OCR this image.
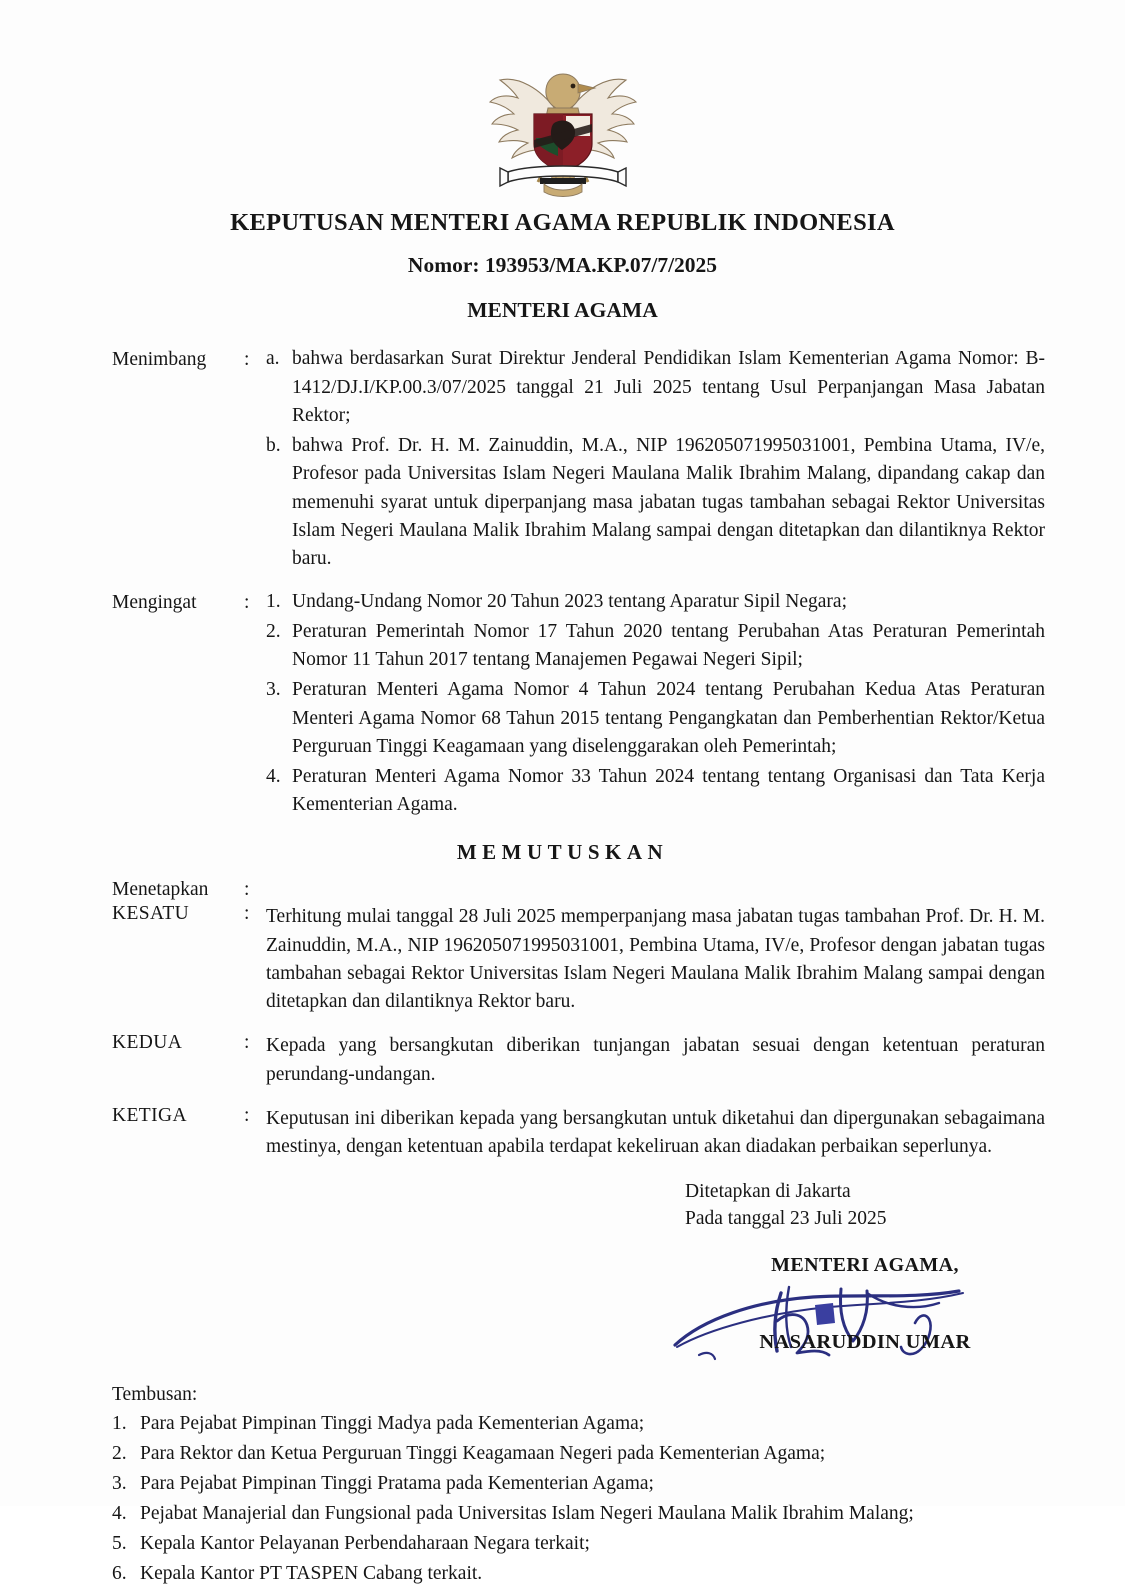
KEPUTUSAN MENTERI AGAMA REPUBLIK INDONESIA
Nomor: 193953/MA.KP.07/7/2025
MENTERI AGAMA
Menimbang	: a. bahwa berdasarkan Surat Direktur Jenderal Pendidikan Islam Kementerian Agama Nomor: B-1412/DJ.I/KP.00.3/07/2025 tanggal 21 Juli 2025 tentang Usul Perpanjangan Masa Jabatan Rektor;
b. bahwa Prof. Dr. H. M. Zainuddin, M.A., NIP 196205071995031001, Pembina Utama, IV/e, Profesor pada Universitas Islam Negeri Maulana Malik Ibrahim Malang, dipandang cakap dan memenuhi syarat untuk diperpanjang masa jabatan tugas tambahan sebagai Rektor Universitas Islam Negeri Maulana Malik Ibrahim Malang sampai dengan ditetapkan dan dilantiknya Rektor baru.
Mengingat	: 1. Undang-Undang Nomor 20 Tahun 2023 tentang Aparatur Sipil Negara;
2. Peraturan Pemerintah Nomor 17 Tahun 2020 tentang Perubahan Atas Peraturan Pemerintah Nomor 11 Tahun 2017 tentang Manajemen Pegawai Negeri Sipil;
3. Peraturan Menteri Agama Nomor 4 Tahun 2024 tentang Perubahan Kedua Atas Peraturan Menteri Agama Nomor 68 Tahun 2015 tentang Pengangkatan dan Pemberhentian Rektor/Ketua Perguruan Tinggi Keagamaan yang diselenggarakan oleh Pemerintah;
4. Peraturan Menteri Agama Nomor 33 Tahun 2024 tentang tentang Organisasi dan Tata Kerja Kementerian Agama.
MEMUTUSKAN
Menetapkan	:
KESATU	: Terhitung mulai tanggal 28 Juli 2025 memperpanjang masa jabatan tugas tambahan Prof. Dr. H. M. Zainuddin, M.A., NIP 196205071995031001, Pembina Utama, IV/e, Profesor dengan jabatan tugas tambahan sebagai Rektor Universitas Islam Negeri Maulana Malik Ibrahim Malang sampai dengan ditetapkan dan dilantiknya Rektor baru.
KEDUA	: Kepada yang bersangkutan diberikan tunjangan jabatan sesuai dengan ketentuan peraturan perundang-undangan.
KETIGA	: Keputusan ini diberikan kepada yang bersangkutan untuk diketahui dan dipergunakan sebagaimana mestinya, dengan ketentuan apabila terdapat kekeliruan akan diadakan perbaikan seperlunya.
Ditetapkan di Jakarta
Pada tanggal 23 Juli 2025
MENTERI AGAMA,
NASARUDDIN UMAR
Tembusan:
1. Para Pejabat Pimpinan Tinggi Madya pada Kementerian Agama;
2. Para Rektor dan Ketua Perguruan Tinggi Keagamaan Negeri pada Kementerian Agama;
3. Para Pejabat Pimpinan Tinggi Pratama pada Kementerian Agama;
4. Pejabat Manajerial dan Fungsional pada Universitas Islam Negeri Maulana Malik Ibrahim Malang;
5. Kepala Kantor Pelayanan Perbendaharaan Negara terkait;
6. Kepala Kantor PT TASPEN Cabang terkait.
